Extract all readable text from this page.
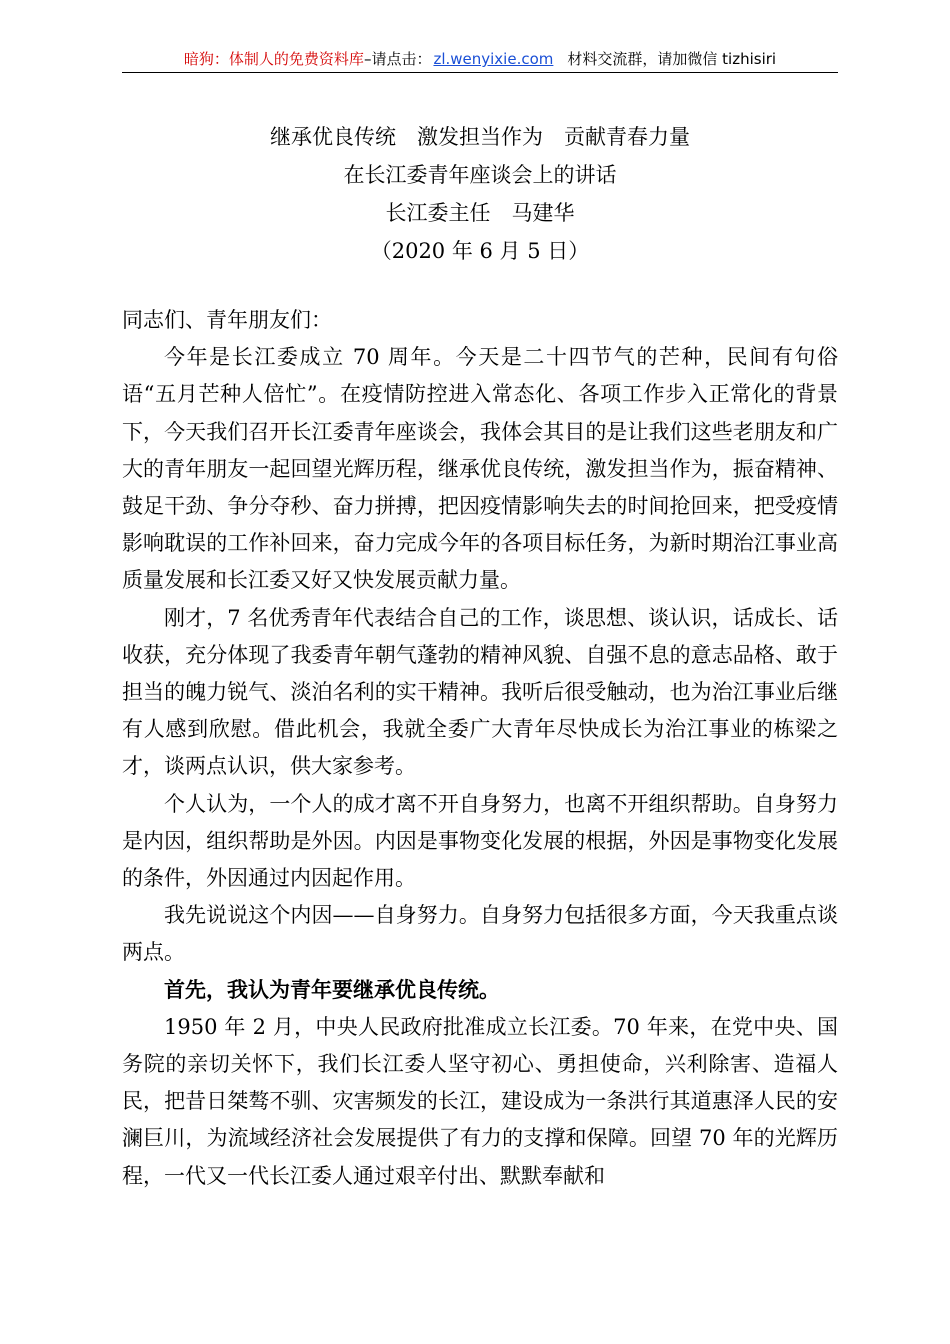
暗狗：体制人的免费资料库–请点击： zl.wenyixie.com 材料交流群，请加微信 tizhisiri
继承优良传统　激发担当作为　贡献青春力量
在长江委青年座谈会上的讲话
长江委主任　马建华
（2020 年 6 月 5 日）

同志们、青年朋友们：

今年是长江委成立 70 周年。今天是二十四节气的芒种，民间有句俗语“五月芒种人倍忙”。在疫情防控进入常态化、各项工作步入正常化的背景下，今天我们召开长江委青年座谈会，我体会其目的是让我们这些老朋友和广大的青年朋友一起回望光辉历程，继承优良传统，激发担当作为，振奋精神、鼓足干劲、争分夺秒、奋力拼搏，把因疫情影响失去的时间抢回来，把受疫情影响耽误的工作补回来，奋力完成今年的各项目标任务，为新时期治江事业高质量发展和长江委又好又快发展贡献力量。

刚才，7 名优秀青年代表结合自己的工作，谈思想、谈认识，话成长、话收获，充分体现了我委青年朝气蓬勃的精神风貌、自强不息的意志品格、敢于担当的魄力锐气、淡泊名利的实干精神。我听后很受触动，也为治江事业后继有人感到欣慰。借此机会，我就全委广大青年尽快成长为治江事业的栋梁之才，谈两点认识，供大家参考。

个人认为，一个人的成才离不开自身努力，也离不开组织帮助。自身努力是内因，组织帮助是外因。内因是事物变化发展的根据，外因是事物变化发展的条件，外因通过内因起作用。

我先说说这个内因——自身努力。自身努力包括很多方面，今天我重点谈两点。

首先，我认为青年要继承优良传统。

1950 年 2 月，中央人民政府批准成立长江委。70 年来，在党中央、国务院的亲切关怀下，我们长江委人坚守初心、勇担使命，兴利除害、造福人民，把昔日桀骜不驯、灾害频发的长江，建设成为一条洪行其道惠泽人民的安澜巨川，为流域经济社会发展提供了有力的支撑和保障。回望 70 年的光辉历程，一代又一代长江委人通过艰辛付出、默默奉献和
